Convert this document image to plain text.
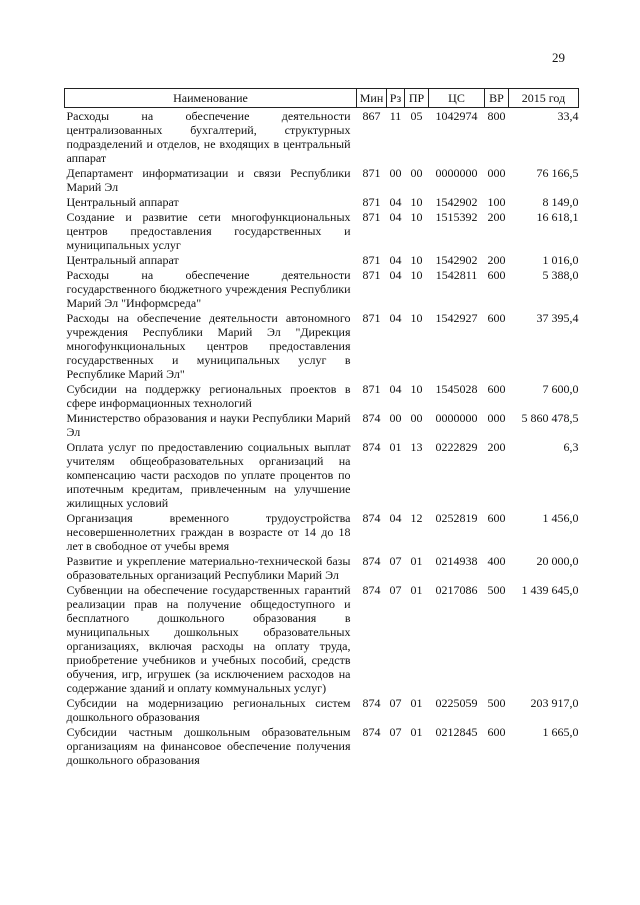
29
Наименование	Мин	Рз	ПР	ЦС	ВР	2015 год
Расходы на обеспечение деятельности централизованных бухгалтерий, структурных подразделений и отделов, не входящих в центральный аппарат	867	11	05	1042974	800	33,4
Департамент информатизации и связи Республики Марий Эл	871	00	00	0000000	000	76 166,5
Центральный аппарат	871	04	10	1542902	100	8 149,0
Создание и развитие сети многофункциональных центров предоставления государственных и муниципальных услуг	871	04	10	1515392	200	16 618,1
Центральный аппарат	871	04	10	1542902	200	1 016,0
Расходы на обеспечение деятельности государственного бюджетного учреждения Республики Марий Эл "Информсреда"	871	04	10	1542811	600	5 388,0
Расходы на обеспечение деятельности автономного учреждения Республики Марий Эл "Дирекция многофункциональных центров предоставления государственных и муниципальных услуг в Республике Марий Эл"	871	04	10	1542927	600	37 395,4
Субсидии на поддержку региональных проектов в сфере информационных технологий	871	04	10	1545028	600	7 600,0
Министерство образования и науки Республики Марий Эл	874	00	00	0000000	000	5 860 478,5
Оплата услуг по предоставлению социальных выплат учителям общеобразовательных организаций на компенсацию части расходов по уплате процентов по ипотечным кредитам, привлеченным на улучшение жилищных условий	874	01	13	0222829	200	6,3
Организация временного трудоустройства несовершеннолетних граждан в возрасте от 14 до 18 лет в свободное от учебы время	874	04	12	0252819	600	1 456,0
Развитие и укрепление материально-технической базы образовательных организаций Республики Марий Эл	874	07	01	0214938	400	20 000,0
Субвенции на обеспечение государственных гарантий реализации прав на получение общедоступного и бесплатного дошкольного образования в муниципальных дошкольных образовательных организациях, включая расходы на оплату труда, приобретение учебников и учебных пособий, средств обучения, игр, игрушек (за исключением расходов на содержание зданий и оплату коммунальных услуг)	874	07	01	0217086	500	1 439 645,0
Субсидии на модернизацию региональных систем дошкольного образования	874	07	01	0225059	500	203 917,0
Субсидии частным дошкольным образовательным организациям на финансовое обеспечение получения дошкольного образования	874	07	01	0212845	600	1 665,0
